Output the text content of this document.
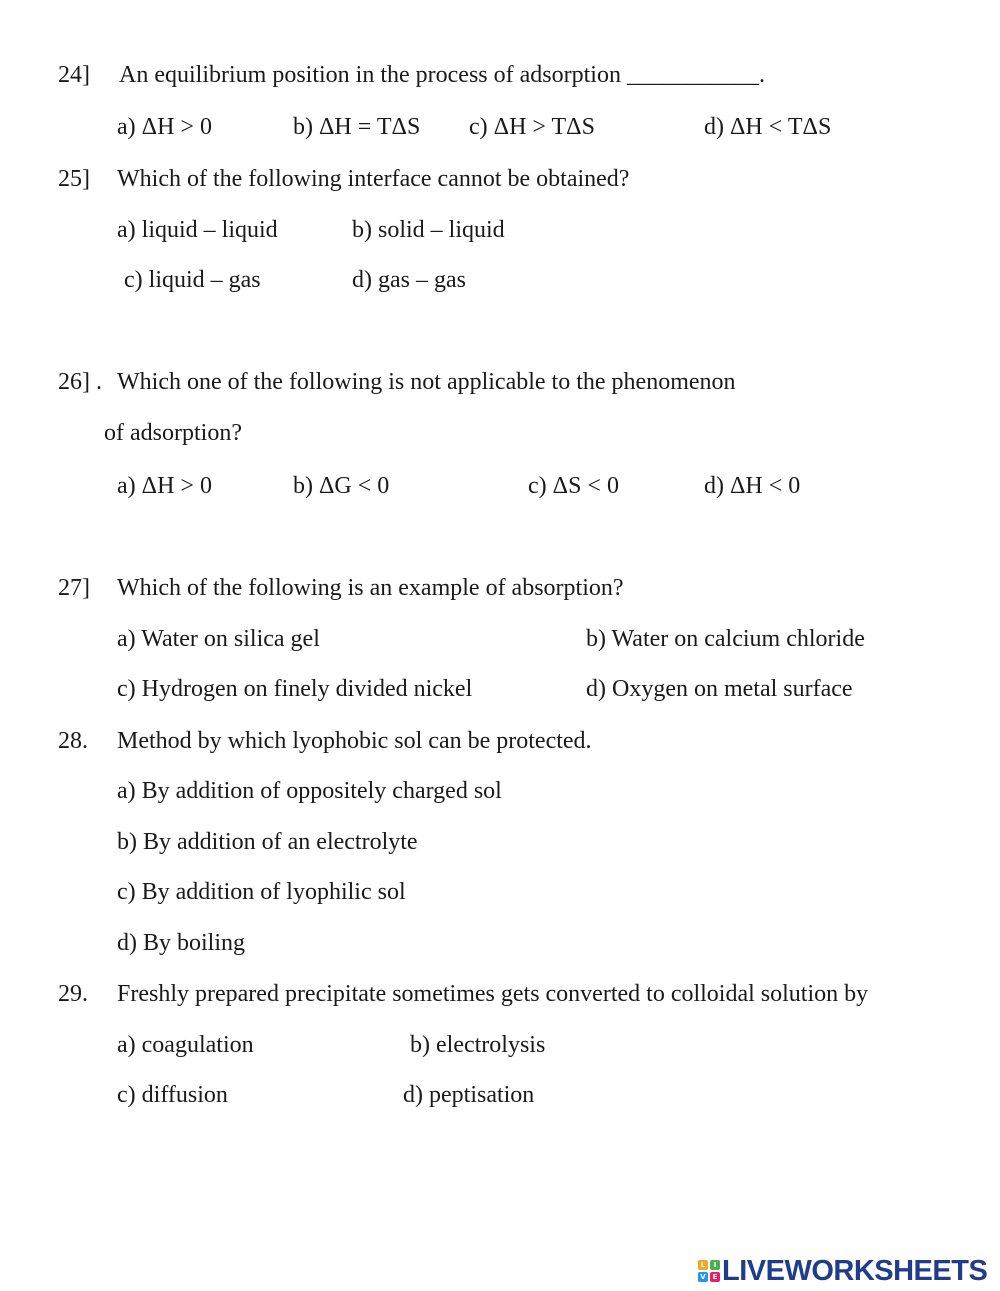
24] An equilibrium position in the process of adsorption ___________.
a) ΔH > 0	b) ΔH = TΔS c) ΔH > TΔS	d) ΔH < TΔS
25] Which of the following interface cannot be obtained?
a) liquid – liquid	b) solid – liquid
c) liquid – gas	d) gas – gas
26] . Which one of the following is not applicable to the phenomenon
of adsorption?
a) ΔH > 0	b) ΔG < 0	c) ΔS < 0	d) ΔH < 0
27] Which of the following is an example of absorption?
a) Water on silica gel	b) Water on calcium chloride
c) Hydrogen on finely divided nickel	d) Oxygen on metal surface
28. Method by which lyophobic sol can be protected.
a) By addition of oppositely charged sol
b) By addition of an electrolyte
c) By addition of lyophilic sol
d) By boiling
29. Freshly prepared precipitate sometimes gets converted to colloidal solution by
a) coagulation	b) electrolysis
c) diffusion	d) peptisation
L	I
V E LIVEWORKSHEETS
